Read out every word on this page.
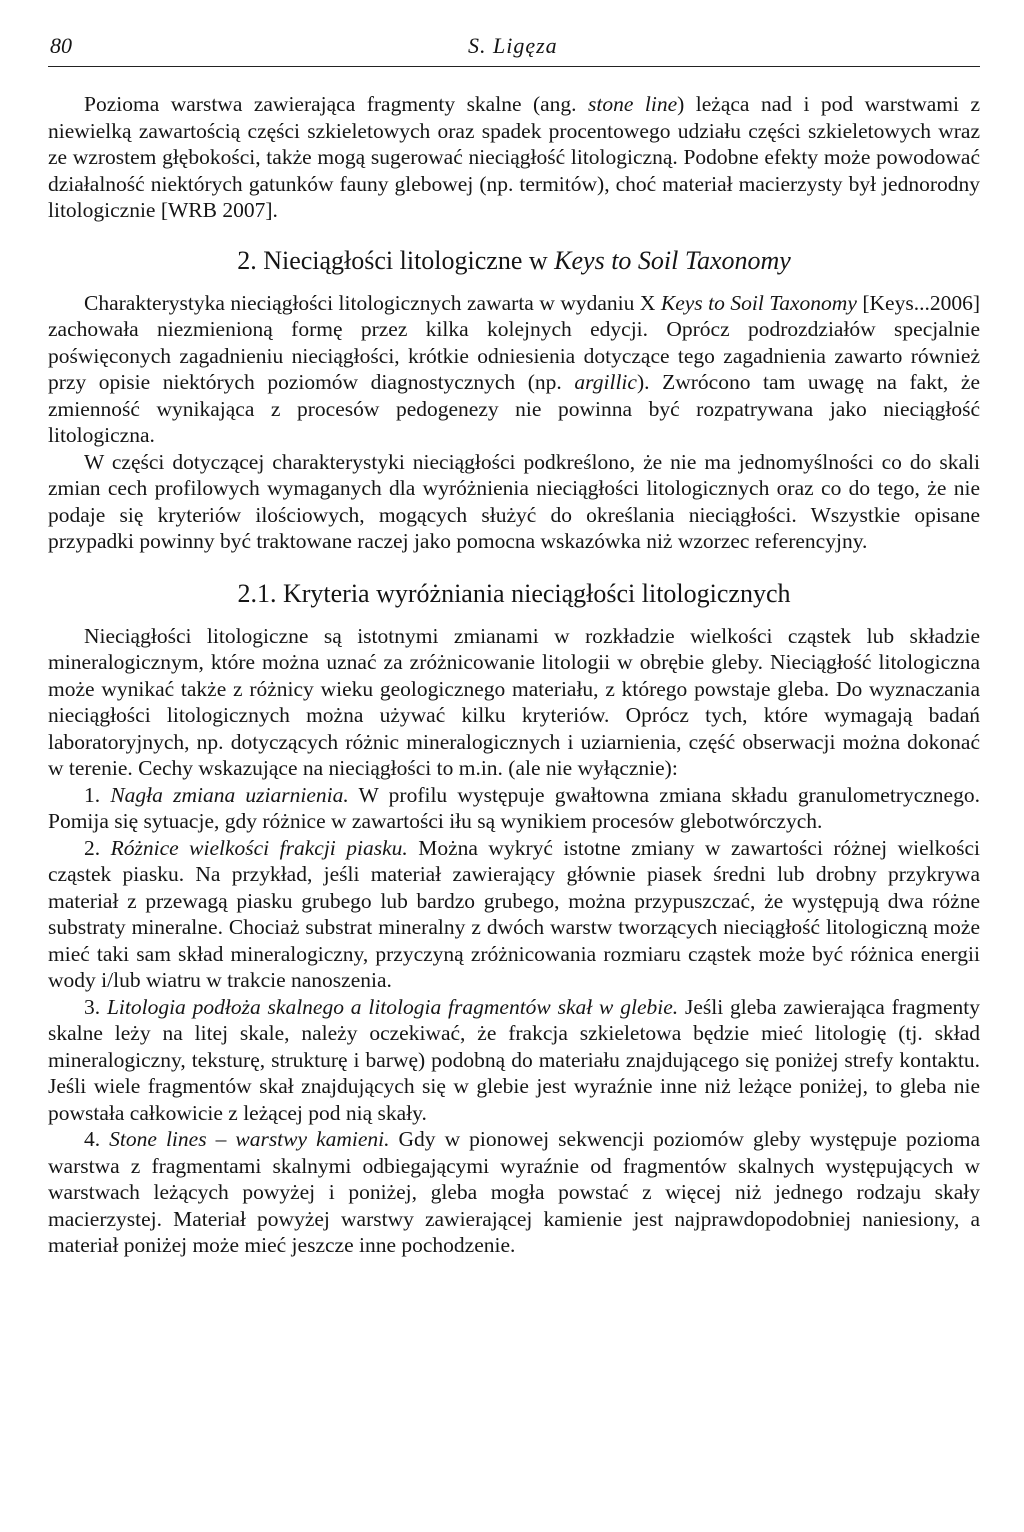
80	S. Ligęza

Pozioma warstwa zawierająca fragmenty skalne (ang. stone line) leżąca nad i pod warstwami z niewielką zawartością części szkieletowych oraz spadek procentowego udziału części szkieletowych wraz ze wzrostem głębokości, także mogą sugerować nieciągłość litologiczną. Podobne efekty może powodować działalność niektórych gatunków fauny glebowej (np. termitów), choć materiał macierzysty był jednorodny litologicznie [WRB 2007].

2. Nieciągłości litologiczne w Keys to Soil Taxonomy

Charakterystyka nieciągłości litologicznych zawarta w wydaniu X Keys to Soil Taxonomy [Keys...2006] zachowała niezmienioną formę przez kilka kolejnych edycji. Oprócz podrozdziałów specjalnie poświęconych zagadnieniu nieciągłości, krótkie odniesienia dotyczące tego zagadnienia zawarto również przy opisie niektórych poziomów diagnostycznych (np. argillic). Zwrócono tam uwagę na fakt, że zmienność wynikająca z procesów pedogenezy nie powinna być rozpatrywana jako nieciągłość litologiczna.

W części dotyczącej charakterystyki nieciągłości podkreślono, że nie ma jednomyślności co do skali zmian cech profilowych wymaganych dla wyróżnienia nieciągłości litologicznych oraz co do tego, że nie podaje się kryteriów ilościowych, mogących służyć do określania nieciągłości. Wszystkie opisane przypadki powinny być traktowane raczej jako pomocna wskazówka niż wzorzec referencyjny.

2.1. Kryteria wyróżniania nieciągłości litologicznych

Nieciągłości litologiczne są istotnymi zmianami w rozkładzie wielkości cząstek lub składzie mineralogicznym, które można uznać za zróżnicowanie litologii w obrębie gleby. Nieciągłość litologiczna może wynikać także z różnicy wieku geologicznego materiału, z którego powstaje gleba. Do wyznaczania nieciągłości litologicznych można używać kilku kryteriów. Oprócz tych, które wymagają badań laboratoryjnych, np. dotyczących różnic mineralogicznych i uziarnienia, część obserwacji można dokonać w terenie. Cechy wskazujące na nieciągłości to m.in. (ale nie wyłącznie):

1. Nagła zmiana uziarnienia. W profilu występuje gwałtowna zmiana składu granulometrycznego. Pomija się sytuacje, gdy różnice w zawartości iłu są wynikiem procesów glebotwórczych.

2. Różnice wielkości frakcji piasku. Można wykryć istotne zmiany w zawartości różnej wielkości cząstek piasku. Na przykład, jeśli materiał zawierający głównie piasek średni lub drobny przykrywa materiał z przewagą piasku grubego lub bardzo grubego, można przypuszczać, że występują dwa różne substraty mineralne. Chociaż substrat mineralny z dwóch warstw tworzących nieciągłość litologiczną może mieć taki sam skład mineralogiczny, przyczyną zróżnicowania rozmiaru cząstek może być różnica energii wody i/lub wiatru w trakcie nanoszenia.

3. Litologia podłoża skalnego a litologia fragmentów skał w glebie. Jeśli gleba zawierająca fragmenty skalne leży na litej skale, należy oczekiwać, że frakcja szkieletowa będzie mieć litologię (tj. skład mineralogiczny, teksturę, strukturę i barwę) podobną do materiału znajdującego się poniżej strefy kontaktu. Jeśli wiele fragmentów skał znajdujących się w glebie jest wyraźnie inne niż leżące poniżej, to gleba nie powstała całkowicie z leżącej pod nią skały.

4. Stone lines – warstwy kamieni. Gdy w pionowej sekwencji poziomów gleby występuje pozioma warstwa z fragmentami skalnymi odbiegającymi wyraźnie od fragmentów skalnych występujących w warstwach leżących powyżej i poniżej, gleba mogła powstać z więcej niż jednego rodzaju skały macierzystej. Materiał powyżej warstwy zawierającej kamienie jest najprawdopodobniej naniesiony, a materiał poniżej może mieć jeszcze inne pochodzenie.
